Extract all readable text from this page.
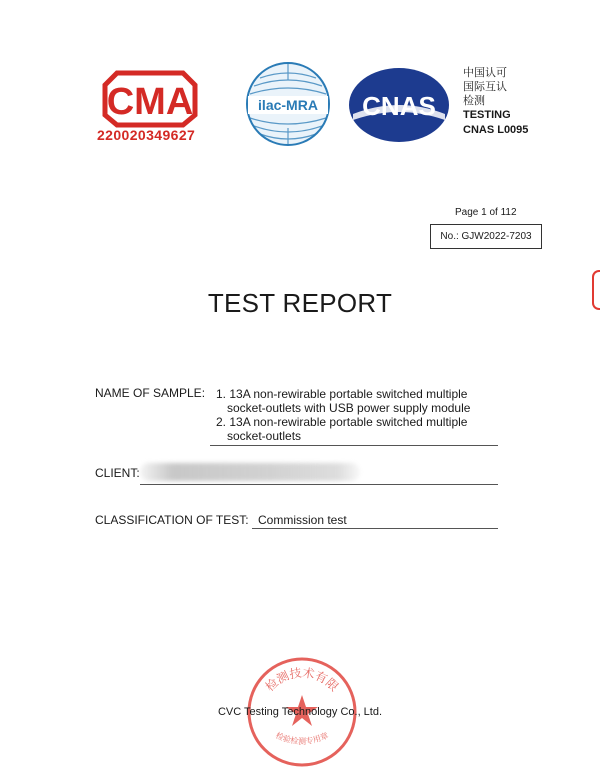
CMA
220020349627
ilac-MRA CNAS
中国认可
国际互认
检测
TESTING
CNAS L0095
Page 1 of 112
No.: GJW2022-7203
TEST REPORT
NAME OF SAMPLE: 1. 13A non-rewirable portable switched multiple
socket-outlets with USB power supply module
2. 13A non-rewirable portable switched multiple
socket-outlets
CLIENT:
CLASSIFICATION OF TEST: Commission test
检测技术有限
检验检测专用章
CVC Testing Technology Co., Ltd.
